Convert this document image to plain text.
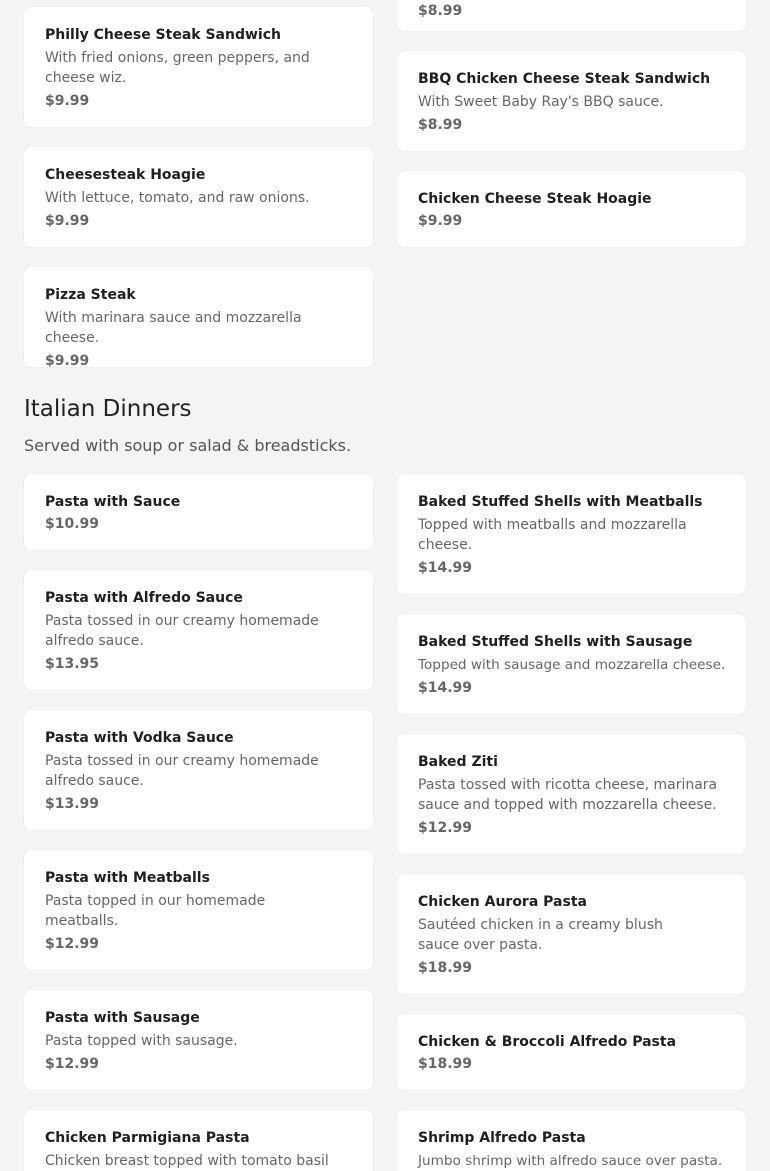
Philly Cheese Steak Sandwich
With fried onions, green peppers, and cheese wiz.
$9.99
Cheesesteak Hoagie
With lettuce, tomato, and raw onions.
$9.99
Pizza Steak
With marinara sauce and mozzarella cheese.
$9.99
$8.99
BBQ Chicken Cheese Steak Sandwich
With Sweet Baby Ray's BBQ sauce.
$8.99
Chicken Cheese Steak Hoagie
$9.99
Italian Dinners

Served with soup or salad & breadsticks.

Pasta with Sauce
$10.99
Pasta with Alfredo Sauce
Pasta tossed in our creamy homemade alfredo sauce.
$13.95
Pasta with Vodka Sauce
Pasta tossed in our creamy homemade alfredo sauce.
$13.99
Pasta with Meatballs
Pasta topped in our homemade meatballs.
$12.99
Pasta with Sausage
Pasta topped with sausage.
$12.99
Chicken Parmigiana Pasta
Chicken breast topped with tomato basil
Baked Stuffed Shells with Meatballs
Topped with meatballs and mozzarella cheese.
$14.99
Baked Stuffed Shells with Sausage
Topped with sausage and mozzarella cheese.
$14.99
Baked Ziti
Pasta tossed with ricotta cheese, marinara sauce and topped with mozzarella cheese.
$12.99
Chicken Aurora Pasta
Sautéed chicken in a creamy blush sauce over pasta.
$18.99
Chicken & Broccoli Alfredo Pasta
$18.99
Shrimp Alfredo Pasta
Jumbo shrimp with alfredo sauce over pasta.
